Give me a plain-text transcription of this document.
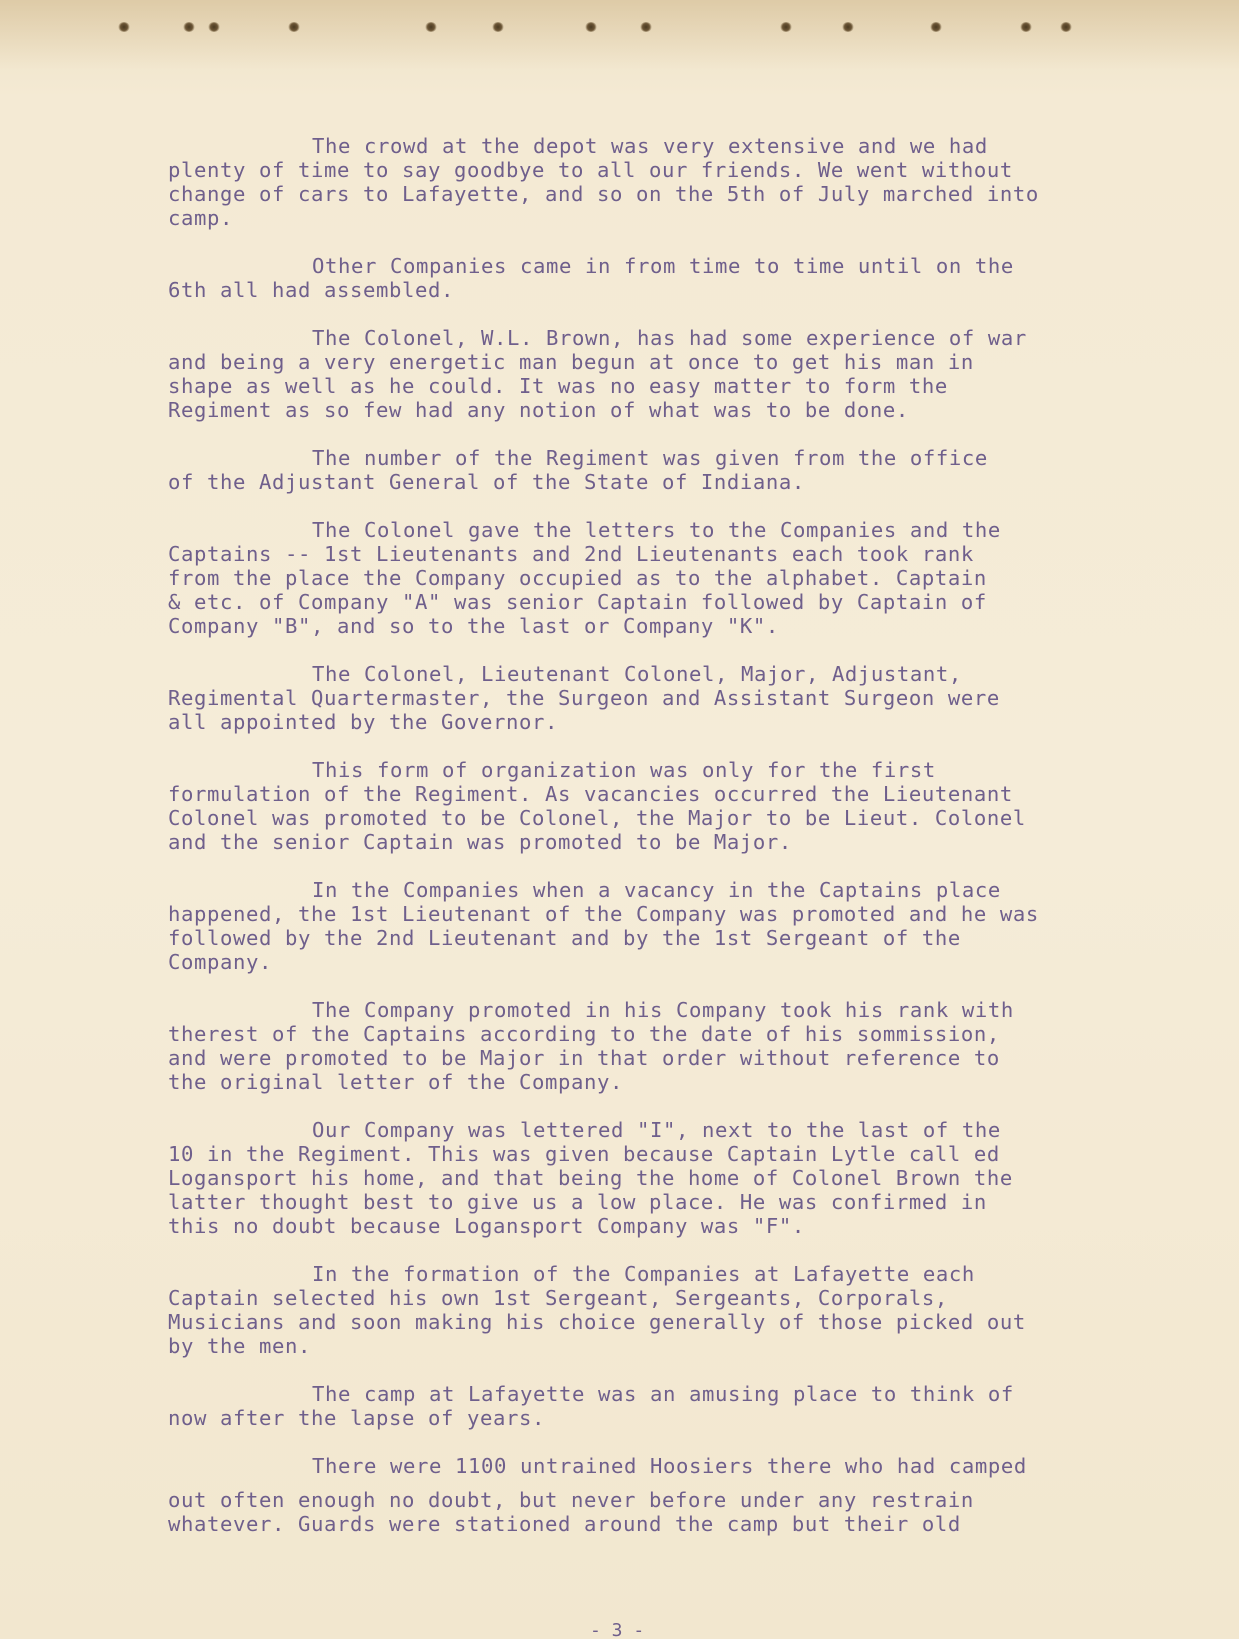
The crowd at the depot was very extensive and we had
plenty of time to say goodbye to all our friends. We went without
change of cars to Lafayette, and so on the 5th of July marched into
camp.
Other Companies came in from time to time until on the
6th all had assembled.
The Colonel, W.L. Brown, has had some experience of war
and being a very energetic man begun at once to get his man in
shape as well as he could. It was no easy matter to form the
Regiment as so few had any notion of what was to be done.
The number of the Regiment was given from the office
of the Adjustant General of the State of Indiana.
The Colonel gave the letters to the Companies and the
Captains -- 1st Lieutenants and 2nd Lieutenants each took rank
from the place the Company occupied as to the alphabet. Captain
& etc. of Company "A" was senior Captain followed by Captain of
Company "B", and so to the last or Company "K".
The Colonel, Lieutenant Colonel, Major, Adjustant,
Regimental Quartermaster, the Surgeon and Assistant Surgeon were
all appointed by the Governor.
This form of organization was only for the first
formulation of the Regiment. As vacancies occurred the Lieutenant
Colonel was promoted to be Colonel, the Major to be Lieut. Colonel
and the senior Captain was promoted to be Major.
In the Companies when a vacancy in the Captains place
happened, the 1st Lieutenant of the Company was promoted and he was
followed by the 2nd Lieutenant and by the 1st Sergeant of the
Company.
The Company promoted in his Company took his rank with
therest of the Captains according to the date of his sommission,
and were promoted to be Major in that order without reference to
the original letter of the Company.
Our Company was lettered "I", next to the last of the
10 in the Regiment. This was given because Captain Lytle call ed
Logansport his home, and that being the home of Colonel Brown the
latter thought best to give us a low place. He was confirmed in
this no doubt because Logansport Company was "F".
In the formation of the Companies at Lafayette each
Captain selected his own 1st Sergeant, Sergeants, Corporals,
Musicians and soon making his choice generally of those picked out
by the men.
The camp at Lafayette was an amusing place to think of
now after the lapse of years.
There were 1100 untrained Hoosiers there who had camped
out often enough no doubt, but never before under any restrain
whatever. Guards were stationed around the camp but their old
- 3 -
